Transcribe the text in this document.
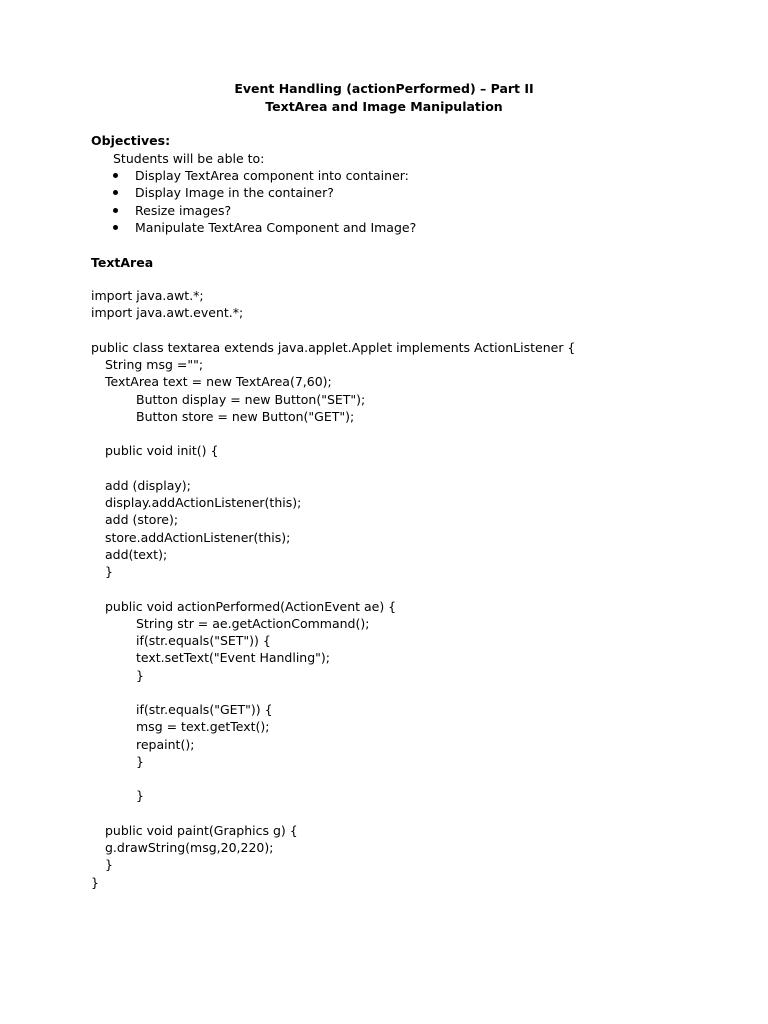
Event Handling (actionPerformed) – Part II
TextArea and Image Manipulation
Objectives:
Students will be able to:

Display TextArea component into container:

Display Image in the container?

Resize images?

Manipulate TextArea Component and Image?

TextArea
import java.awt.*;
import java.awt.event.*;
public class textarea extends java.applet.Applet implements ActionListener {
String msg ="";
TextArea text = new TextArea(7,60);
Button display = new Button("SET");
Button store = new Button("GET");
public void init() {
add (display);
display.addActionListener(this);
add (store);
store.addActionListener(this);
add(text);
}
public void actionPerformed(ActionEvent ae) {
String str = ae.getActionCommand();
if(str.equals("SET")) {
text.setText("Event Handling");
}
if(str.equals("GET")) {
msg = text.getText();
repaint();
}
}
public void paint(Graphics g) {
g.drawString(msg,20,220);
}
}
